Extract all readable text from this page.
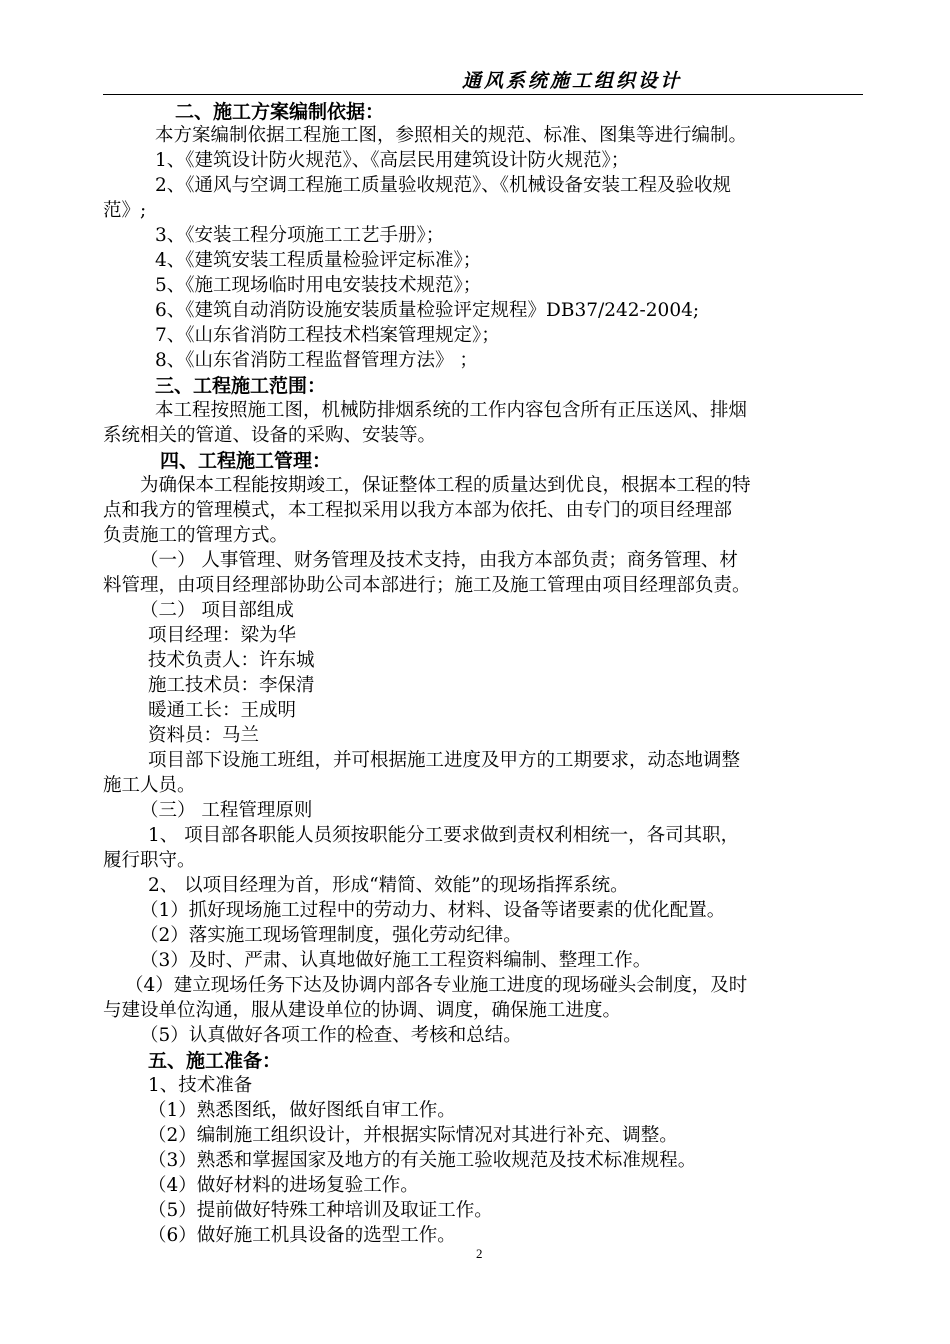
通风系统施工组织设计
二、施工方案编制依据：
本方案编制依据工程施工图，参照相关的规范、标准、图集等进行编制。
1、《建筑设计防火规范》、《高层民用建筑设计防火规范》；
2、《通风与空调工程施工质量验收规范》、《机械设备安装工程及验收规
范》;
3、《安装工程分项施工工艺手册》；
4、《建筑安装工程质量检验评定标准》；
5、《施工现场临时用电安装技术规范》；
6、《建筑自动消防设施安装质量检验评定规程》DB37/242-2004;
7、《山东省消防工程技术档案管理规定》；
8、《山东省消防工程监督管理方法》 ；
三、工程施工范围：
本工程按照施工图，机械防排烟系统的工作内容包含所有正压送风、排烟
系统相关的管道、设备的采购、安装等。
四、工程施工管理：
为确保本工程能按期竣工，保证整体工程的质量达到优良，根据本工程的特
点和我方的管理模式，本工程拟采用以我方本部为依托、由专门的项目经理部
负责施工的管理方式。
（一） 人事管理、财务管理及技术支持，由我方本部负责；商务管理、材
料管理，由项目经理部协助公司本部进行；施工及施工管理由项目经理部负责。
（二） 项目部组成
项目经理：梁为华
技术负责人：许东城
施工技术员：李保清
暖通工长：王成明
资料员：马兰
项目部下设施工班组，并可根据施工进度及甲方的工期要求，动态地调整
施工人员。
（三） 工程管理原则
1、 项目部各职能人员须按职能分工要求做到责权利相统一，各司其职，
履行职守。
2、 以项目经理为首，形成“精简、效能”的现场指挥系统。
（1）抓好现场施工过程中的劳动力、材料、设备等诸要素的优化配置。
（2）落实施工现场管理制度，强化劳动纪律。
（3）及时、严肃、认真地做好施工工程资料编制、整理工作。
（4）建立现场任务下达及协调内部各专业施工进度的现场碰头会制度，及时
与建设单位沟通，服从建设单位的协调、调度，确保施工进度。
（5）认真做好各项工作的检查、考核和总结。
五、施工准备：
1、技术准备
（1）熟悉图纸，做好图纸自审工作。
（2）编制施工组织设计，并根据实际情况对其进行补充、调整。
（3）熟悉和掌握国家及地方的有关施工验收规范及技术标准规程。
（4）做好材料的进场复验工作。
（5）提前做好特殊工种培训及取证工作。
（6）做好施工机具设备的选型工作。
2
